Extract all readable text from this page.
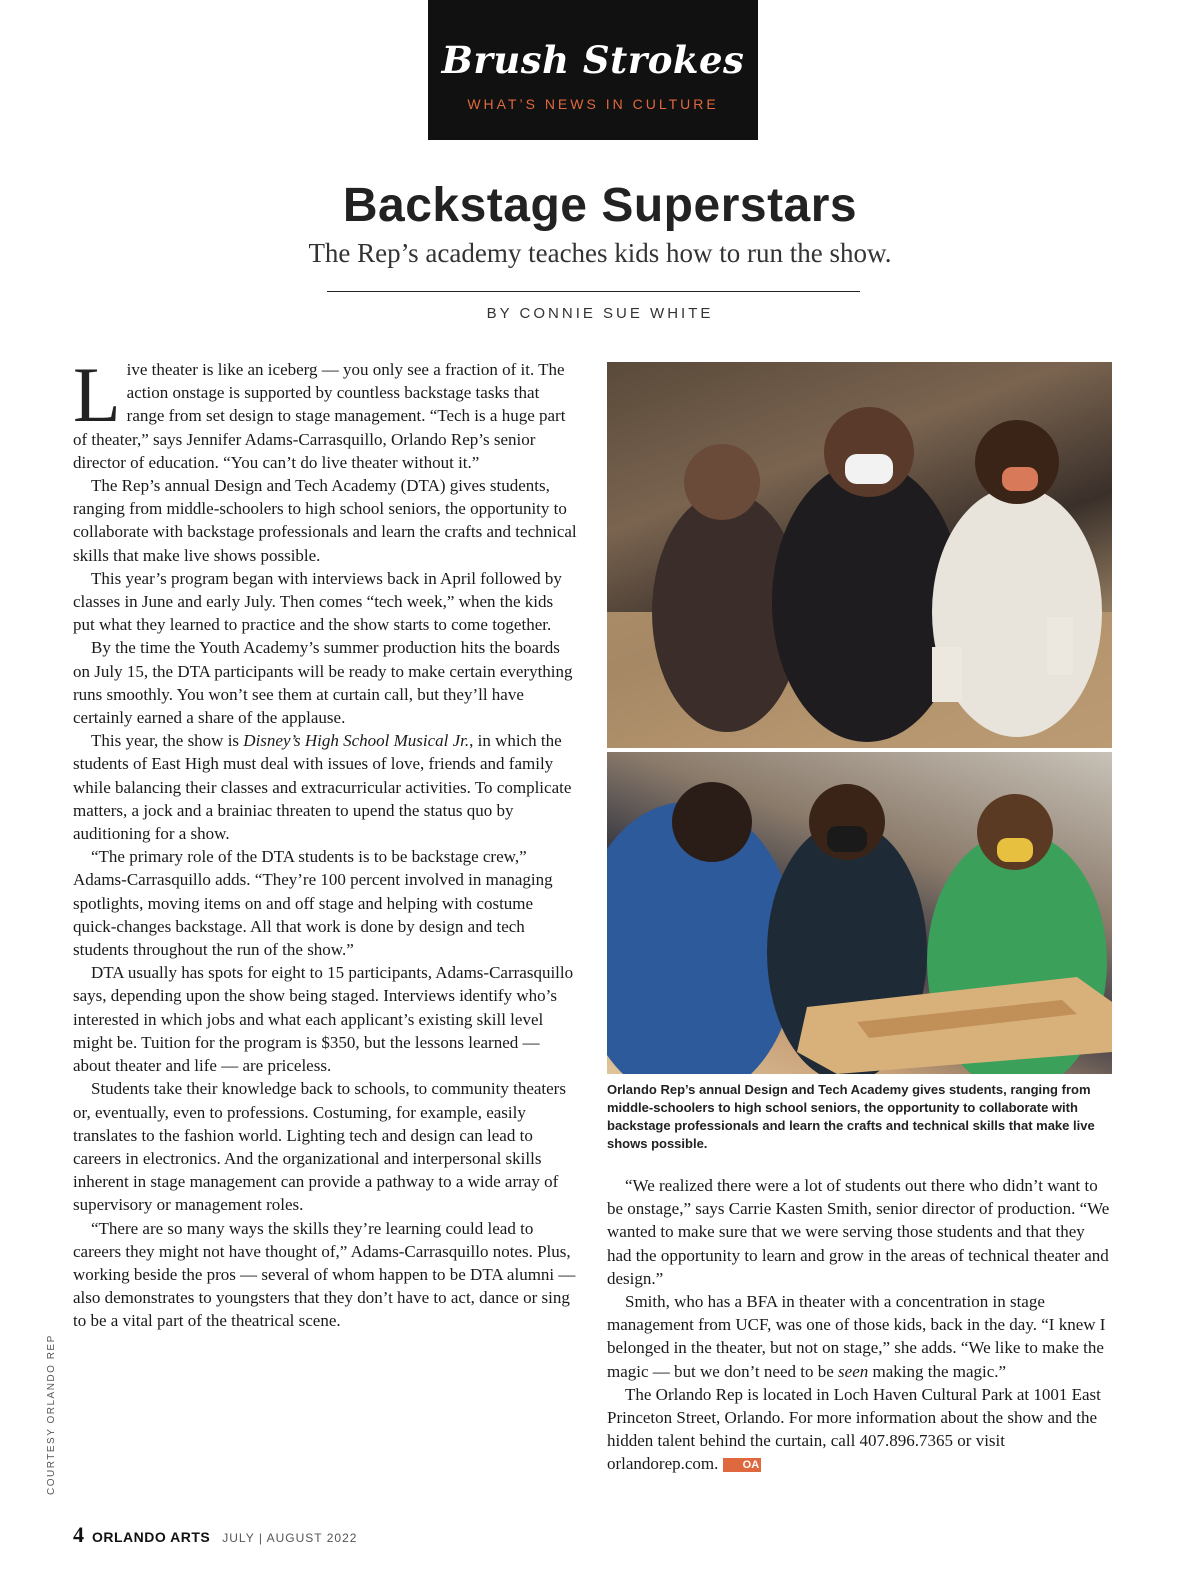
Brush Strokes
WHAT’S NEWS IN CULTURE
Backstage Superstars
The Rep’s academy teaches kids how to run the show.
BY CONNIE SUE WHITE

Live theater is like an iceberg — you only see a fraction of it. The action onstage is supported by countless backstage tasks that range from set design to stage management. “Tech is a huge part of theater,” says Jennifer Adams-Carrasquillo, Orlando Rep’s senior director of education. “You can’t do live theater without it.”

The Rep’s annual Design and Tech Academy (DTA) gives students, ranging from middle-schoolers to high school seniors, the opportunity to collaborate with backstage professionals and learn the crafts and technical skills that make live shows possible.

This year’s program began with interviews back in April followed by classes in June and early July. Then comes “tech week,” when the kids put what they learned to practice and the show starts to come together.

By the time the Youth Academy’s summer production hits the boards on July 15, the DTA participants will be ready to make certain everything runs smoothly. You won’t see them at curtain call, but they’ll have certainly earned a share of the applause.

This year, the show is Disney’s High School Musical Jr., in which the students of East High must deal with issues of love, friends and family while balancing their classes and extracurricular activities. To complicate matters, a jock and a brainiac threaten to upend the status quo by auditioning for a show.

“The primary role of the DTA students is to be backstage crew,” Adams-Carrasquillo adds. “They’re 100 percent involved in managing spotlights, moving items on and off stage and helping with costume quick-changes backstage. All that work is done by design and tech students throughout the run of the show.”

DTA usually has spots for eight to 15 participants, Adams-Carrasquillo says, depending upon the show being staged. Interviews identify who’s interested in which jobs and what each applicant’s existing skill level might be. Tuition for the program is $350, but the lessons learned — about theater and life — are priceless.

Students take their knowledge back to schools, to community theaters or, eventually, even to professions. Costuming, for example, easily translates to the fashion world. Lighting tech and design can lead to careers in electronics. And the organizational and interpersonal skills inherent in stage management can provide a pathway to a wide array of supervisory or management roles.

“There are so many ways the skills they’re learning could lead to careers they might not have thought of,” Adams-Carrasquillo notes. Plus, working beside the pros — several of whom happen to be DTA alumni — also demonstrates to youngsters that they don’t have to act, dance or sing to be a vital part of the theatrical scene.

Orlando Rep’s annual Design and Tech Academy gives students, ranging from middle-schoolers to high school seniors, the opportunity to collaborate with backstage professionals and learn the crafts and technical skills that make live shows possible.

“We realized there were a lot of students out there who didn’t want to be onstage,” says Carrie Kasten Smith, senior director of production. “We wanted to make sure that we were serving those students and that they had the opportunity to learn and grow in the areas of technical theater and design.”

Smith, who has a BFA in theater with a concentration in stage management from UCF, was one of those kids, back in the day. “I knew I belonged in the theater, but not on stage,” she adds. “We like to make the magic — but we don’t need to be seen making the magic.”

The Orlando Rep is located in Loch Haven Cultural Park at 1001 East Princeton Street, Orlando. For more information about the show and the hidden talent behind the curtain, call 407.896.7365 or visit orlandorep.com. OA

COURTESY ORLANDO REP
4 ORLANDO ARTS JULY | AUGUST 2022
